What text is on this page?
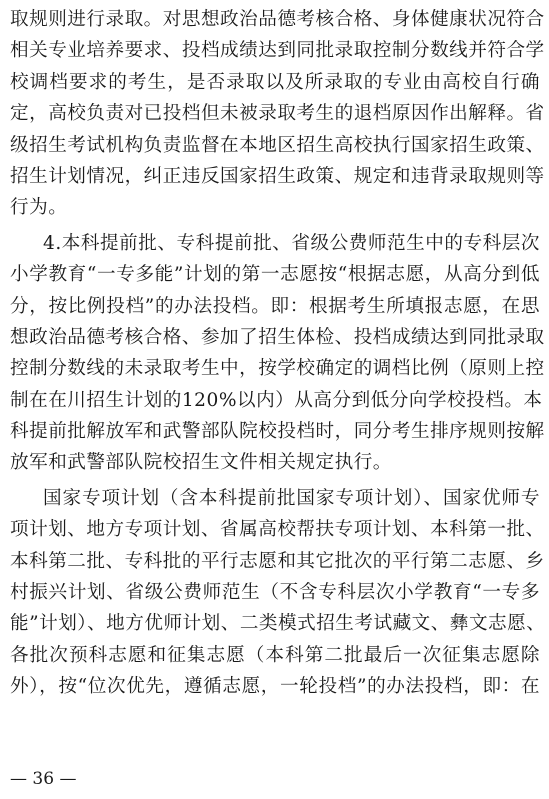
取规则进行录取。对思想政治品德考核合格、身体健康状况符合
相关专业培养要求、投档成绩达到同批录取控制分数线并符合学
校调档要求的考生，是否录取以及所录取的专业由高校自行确
定，高校负责对已投档但未被录取考生的退档原因作出解释。省
级招生考试机构负责监督在本地区招生高校执行国家招生政策、
招生计划情况，纠正违反国家招生政策、规定和违背录取规则等
行为。
4.本科提前批、专科提前批、省级公费师范生中的专科层次
小学教育“一专多能”计划的第一志愿按“根据志愿，从高分到低
分，按比例投档”的办法投档。即：根据考生所填报志愿，在思
想政治品德考核合格、参加了招生体检、投档成绩达到同批录取
控制分数线的未录取考生中，按学校确定的调档比例（原则上控
制在在川招生计划的120%以内）从高分到低分向学校投档。本
科提前批解放军和武警部队院校投档时，同分考生排序规则按解
放军和武警部队院校招生文件相关规定执行。
国家专项计划（含本科提前批国家专项计划）、国家优师专
项计划、地方专项计划、省属高校帮扶专项计划、本科第一批、
本科第二批、专科批的平行志愿和其它批次的平行第二志愿、乡
村振兴计划、省级公费师范生（不含专科层次小学教育“一专多
能”计划）、地方优师计划、二类模式招生考试藏文、彝文志愿、
各批次预科志愿和征集志愿（本科第二批最后一次征集志愿除
外），按“位次优先，遵循志愿，一轮投档”的办法投档，即：在
— 36 —
